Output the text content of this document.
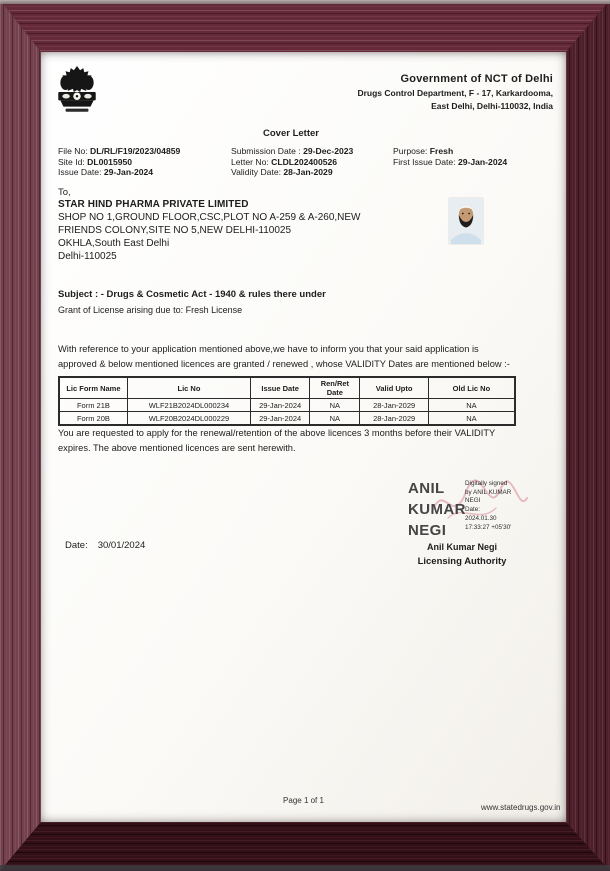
Government of NCT of Delhi
Drugs Control Department, F - 17, Karkardooma,
East Delhi, Delhi-110032, India
Cover Letter
File No: DL/RL/F19/2023/04859
Site Id: DL0015950
Issue Date: 29-Jan-2024
Submission Date : 29-Dec-2023
Letter No: CLDL202400526
Validity Date: 28-Jan-2029
Purpose: Fresh
First Issue Date: 29-Jan-2024
To,
STAR HIND PHARMA PRIVATE LIMITED
SHOP NO 1,GROUND FLOOR,CSC,PLOT NO A-259 & A-260,NEW
FRIENDS COLONY,SITE NO 5,NEW DELHI-110025
OKHLA,South East Delhi
Delhi-110025
Subject : - Drugs & Cosmetic Act - 1940 & rules there under
Grant of License arising due to: Fresh License
With reference to your application mentioned above,we have to inform you that your said application is
approved & below mentioned licences are granted / renewed , whose VALIDITY Dates are mentioned below :-
Lic Form Name	Lic No	Issue Date	Ren/Ret Date	Valid Upto	Old Lic No
Form 21B	WLF21B2024DL000234	29-Jan-2024	NA	28-Jan-2029	NA
Form 20B	WLF20B2024DL000229	29-Jan-2024	NA	28-Jan-2029	NA
You are requested to apply for the renewal/retention of the above licences 3 months before their VALIDITY
expires. The above mentioned licences are sent herewith.
ANIL
KUMAR
NEGI
Digitally signed
by ANIL KUMAR
NEGI
Date:
2024.01.30
17:33:27 +05'30'
Anil Kumar Negi
Licensing Authority
Date: 30/01/2024
Page 1 of 1
www.statedrugs.gov.in
